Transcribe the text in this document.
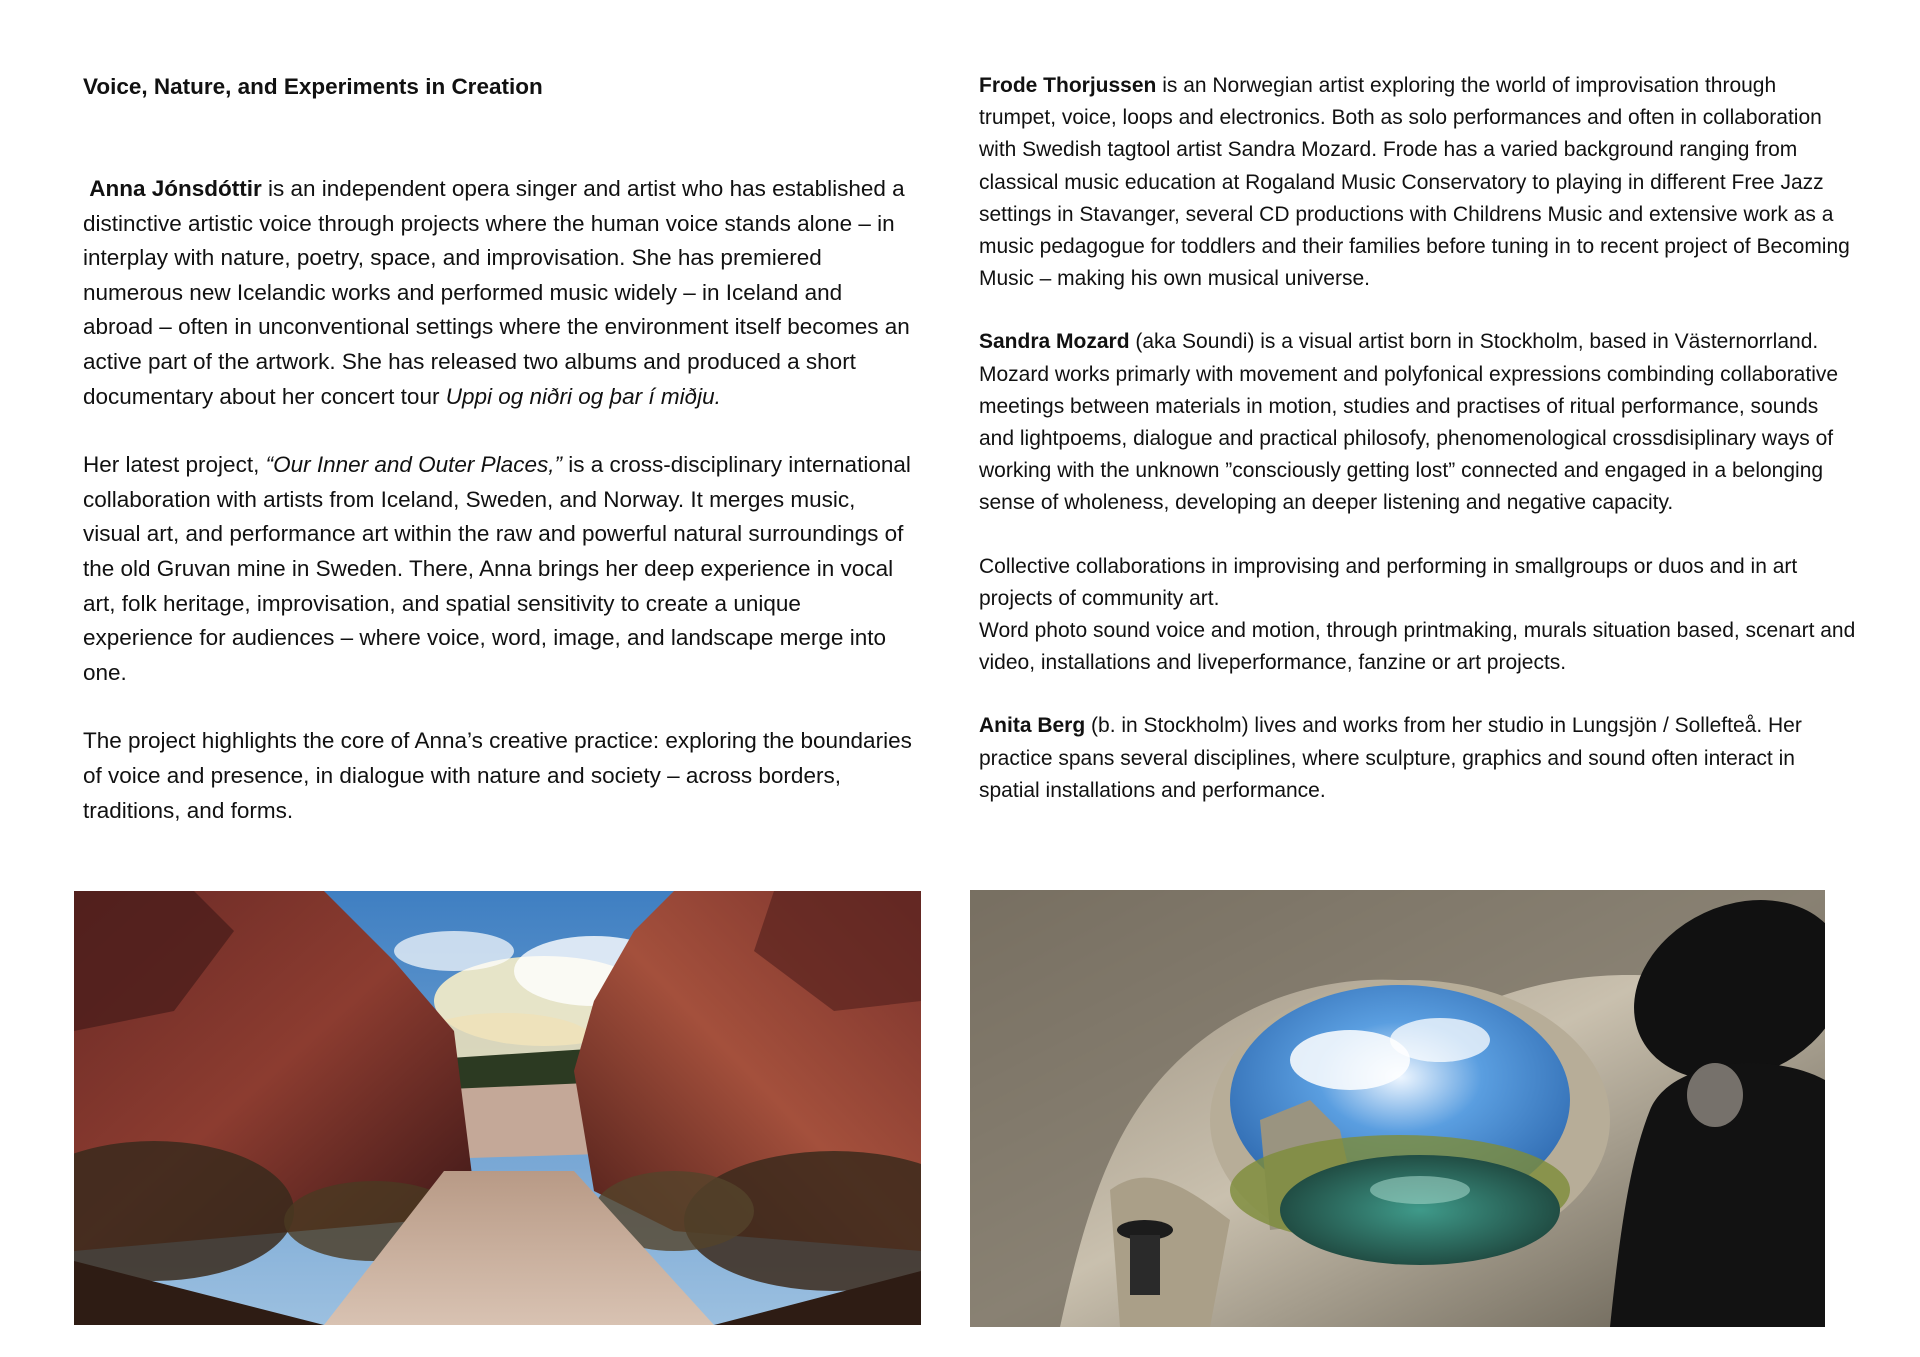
Voice, Nature, and Experiments in Creation

Anna Jónsdóttir is an independent opera singer and artist who has established a distinctive artistic voice through projects where the human voice stands alone – in interplay with nature, poetry, space, and improvisation. She has premiered numerous new Icelandic works and performed music widely – in Iceland and abroad – often in unconventional settings where the environment itself becomes an active part of the artwork. She has released two albums and produced a short documentary about her concert tour Uppi og niðri og þar í miðju.

Her latest project, “Our Inner and Outer Places,” is a cross-disciplinary international collaboration with artists from Iceland, Sweden, and Norway. It merges music, visual art, and performance art within the raw and powerful natural surroundings of the old Gruvan mine in Sweden. There, Anna brings her deep experience in vocal art, folk heritage, improvisation, and spatial sensitivity to create a unique experience for audiences – where voice, word, image, and landscape merge into one.

The project highlights the core of Anna’s creative practice: exploring the boundaries of voice and presence, in dialogue with nature and society – across borders, traditions, and forms.

Frode Thorjussen is an Norwegian artist exploring the world of improvisation through trumpet, voice, loops and electronics. Both as solo performances and often in collaboration with Swedish tagtool artist Sandra Mozard. Frode has a varied background ranging from classical music education at Rogaland Music Conservatory to playing in different Free Jazz settings in Stavanger, several CD productions with Childrens Music and extensive work as a music pedagogue for toddlers and their families before tuning in to recent project of Becoming Music – making his own musical universe.

Sandra Mozard (aka Soundi) is a visual artist born in Stockholm, based in Västernorrland. Mozard works primarly with movement and polyfonical expressions combinding collaborative meetings between materials in motion, studies and practises of ritual performance, sounds and lightpoems, dialogue and practical philosofy, phenomenological crossdisiplinary ways of working with the unknown ”consciously getting lost” connected and engaged in a belonging sense of wholeness, developing an deeper listening and negative capacity.

Collective collaborations in improvising and performing in smallgroups or duos and in art projects of community art.

Word photo sound voice and motion, through printmaking, murals situation based, scenart and video, installations and liveperformance, fanzine or art projects.

Anita Berg (b. in Stockholm) lives and works from her studio in Lungsjön / Sollefteå. Her practice spans several disciplines, where sculpture, graphics and sound often interact in spatial installations and performance.
